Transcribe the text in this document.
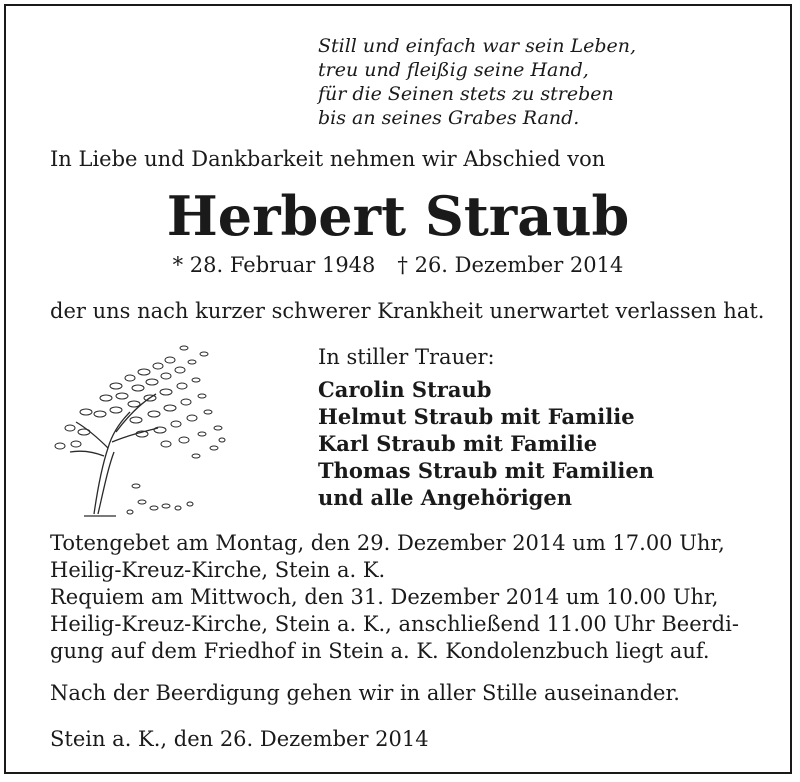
Still und einfach war sein Leben,
treu und fleißig seine Hand,
für die Seinen stets zu streben
bis an seines Grabes Rand.
In Liebe und Dankbarkeit nehmen wir Abschied von
Herbert Straub
* 28. Februar 1948 † 26. Dezember 2014
der uns nach kurzer schwerer Krankheit unerwartet verlassen hat.
In stiller Trauer:
Carolin Straub
Helmut Straub mit Familie
Karl Straub mit Familie
Thomas Straub mit Familien
und alle Angehörigen
Totengebet am Montag, den 29. Dezember 2014 um 17.00 Uhr,
Heilig-Kreuz-Kirche, Stein a. K.
Requiem am Mittwoch, den 31. Dezember 2014 um 10.00 Uhr,
Heilig-Kreuz-Kirche, Stein a. K., anschließend 11.00 Uhr Beerdi-
gung auf dem Friedhof in Stein a. K. Kondolenzbuch liegt auf.
Nach der Beerdigung gehen wir in aller Stille auseinander.
Stein a. K., den 26. Dezember 2014
